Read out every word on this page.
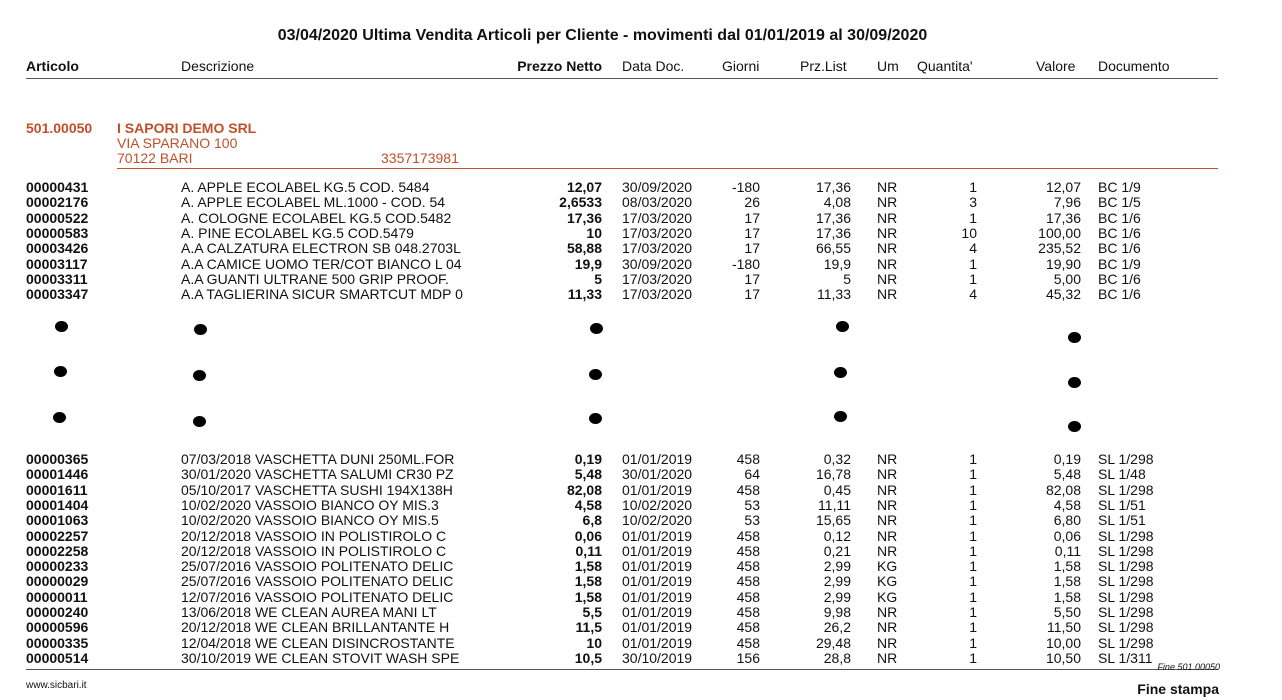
03/04/2020 Ultima Vendita Articoli per Cliente - movimenti dal 01/01/2019 al 30/09/2020
Articolo	Descrizione	Prezzo Netto Data Doc.	Giorni	Prz.List Um Quantita'	Valore Documento
501.00050 I SAPORI DEMO SRL
VIA SPARANO 100
70122 BARI	3357173981
00000431	A. APPLE ECOLABEL KG.5 COD. 5484	12,07 30/09/2020	-180	17,36 NR	1	12,07 BC 1/9
00002176	A. APPLE ECOLABEL ML.1000 - COD. 54	2,6533 08/03/2020	26	4,08 NR	3	7,96 BC 1/5
00000522	A. COLOGNE ECOLABEL KG.5 COD.5482	17,36 17/03/2020	17	17,36 NR	1	17,36 BC 1/6
00000583	A. PINE ECOLABEL KG.5 COD.5479	10 17/03/2020	17	17,36 NR	10	100,00 BC 1/6
00003426	A.A CALZATURA ELECTRON SB 048.2703L	58,88 17/03/2020	17	66,55 NR	4	235,52 BC 1/6
00003117	A.A CAMICE UOMO TER/COT BIANCO L 04	19,9 30/09/2020	-180	19,9 NR	1	19,90 BC 1/9
00003311	A.A GUANTI ULTRANE 500 GRIP PROOF.	5 17/03/2020	17	5 NR	1	5,00 BC 1/6
00003347	A.A TAGLIERINA SICUR SMARTCUT MDP 0	11,33 17/03/2020	17	11,33 NR	4	45,32 BC 1/6
00000365	07/03/2018 VASCHETTA DUNI 250ML.FOR	0,19 01/01/2019	458	0,32 NR	1	0,19 SL 1/298
00001446	30/01/2020 VASCHETTA SALUMI CR30 PZ	5,48 30/01/2020	64	16,78 NR	1	5,48 SL 1/48
00001611	05/10/2017 VASCHETTA SUSHI 194X138H	82,08 01/01/2019	458	0,45 NR	1	82,08 SL 1/298
00001404	10/02/2020 VASSOIO BIANCO OY MIS.3	4,58 10/02/2020	53	11,11 NR	1	4,58 SL 1/51
00001063	10/02/2020 VASSOIO BIANCO OY MIS.5	6,8 10/02/2020	53	15,65 NR	1	6,80 SL 1/51
00002257	20/12/2018 VASSOIO IN POLISTIROLO C	0,06 01/01/2019	458	0,12 NR	1	0,06 SL 1/298
00002258	20/12/2018 VASSOIO IN POLISTIROLO C	0,11 01/01/2019	458	0,21 NR	1	0,11 SL 1/298
00000233	25/07/2016 VASSOIO POLITENATO DELIC	1,58 01/01/2019	458	2,99 KG	1	1,58 SL 1/298
00000029	25/07/2016 VASSOIO POLITENATO DELIC	1,58 01/01/2019	458	2,99 KG	1	1,58 SL 1/298
00000011	12/07/2016 VASSOIO POLITENATO DELIC	1,58 01/01/2019	458	2,99 KG	1	1,58 SL 1/298
00000240	13/06/2018 WE CLEAN AUREA MANI LT	5,5 01/01/2019	458	9,98 NR	1	5,50 SL 1/298
00000596	20/12/2018 WE CLEAN BRILLANTANTE H	11,5 01/01/2019	458	26,2 NR	1	11,50 SL 1/298
00000335	12/04/2018 WE CLEAN DISINCROSTANTE	10 01/01/2019	458	29,48 NR	1	10,00 SL 1/298
00000514	30/10/2019 WE CLEAN STOVIT WASH SPE	10,5 30/10/2019	156	28,8 NR	1	10,50 SL 1/311
Fine 501.00050
www.sicbari.it	Fine stampa
